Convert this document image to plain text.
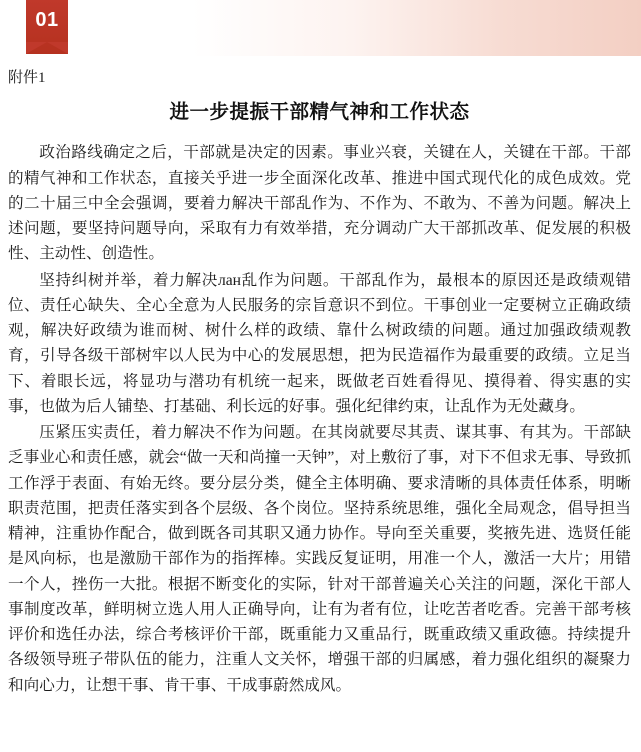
01
附件1
进一步提振干部精气神和工作状态

政治路线确定之后，干部就是决定的因素。事业兴衰，关键在人，关键在干部。干部的精气神和工作状态，直接关乎进一步全面深化改革、推进中国式现代化的成色成效。党的二十届三中全会强调，要着力解决干部乱作为、不作为、不敢为、不善为问题。解决上述问题，要坚持问题导向，采取有力有效举措，充分调动广大干部抓改革、促发展的积极性、主动性、创造性。

坚持纠树并举，着力解决лан乱作为问题。干部乱作为，最根本的原因还是政绩观错位、责任心缺失、全心全意为人民服务的宗旨意识不到位。干事创业一定要树立正确政绩观，解决好政绩为谁而树、树什么样的政绩、靠什么树政绩的问题。通过加强政绩观教育，引导各级干部树牢以人民为中心的发展思想，把为民造福作为最重要的政绩。立足当下、着眼长远，将显功与潜功有机统一起来，既做老百姓看得见、摸得着、得实惠的实事，也做为后人铺垫、打基础、利长远的好事。强化纪律约束，让乱作为无处藏身。

压紧压实责任，着力解决不作为问题。在其岗就要尽其责、谋其事、有其为。干部缺乏事业心和责任感，就会“做一天和尚撞一天钟”，对上敷衍了事，对下不但求无事、导致抓工作浮于表面、有始无终。要分层分类，健全主体明确、要求清晰的具体责任体系，明晰职责范围，把责任落实到各个层级、各个岗位。坚持系统思维，强化全局观念，倡导担当精神，注重协作配合，做到既各司其职又通力协作。导向至关重要，奖掖先进、选贤任能是风向标，也是激励干部作为的指挥棒。实践反复证明，用准一个人，激活一大片；用错一个人，挫伤一大批。根据不断变化的实际，针对干部普遍关心关注的问题，深化干部人事制度改革，鲜明树立选人用人正确导向，让有为者有位，让吃苦者吃香。完善干部考核评价和选任办法，综合考核评价干部，既重能力又重品行，既重政绩又重政德。持续提升各级领导班子带队伍的能力，注重人文关怀，增强干部的归属感，着力强化组织的凝聚力和向心力，让想干事、肯干事、干成事蔚然成风。
